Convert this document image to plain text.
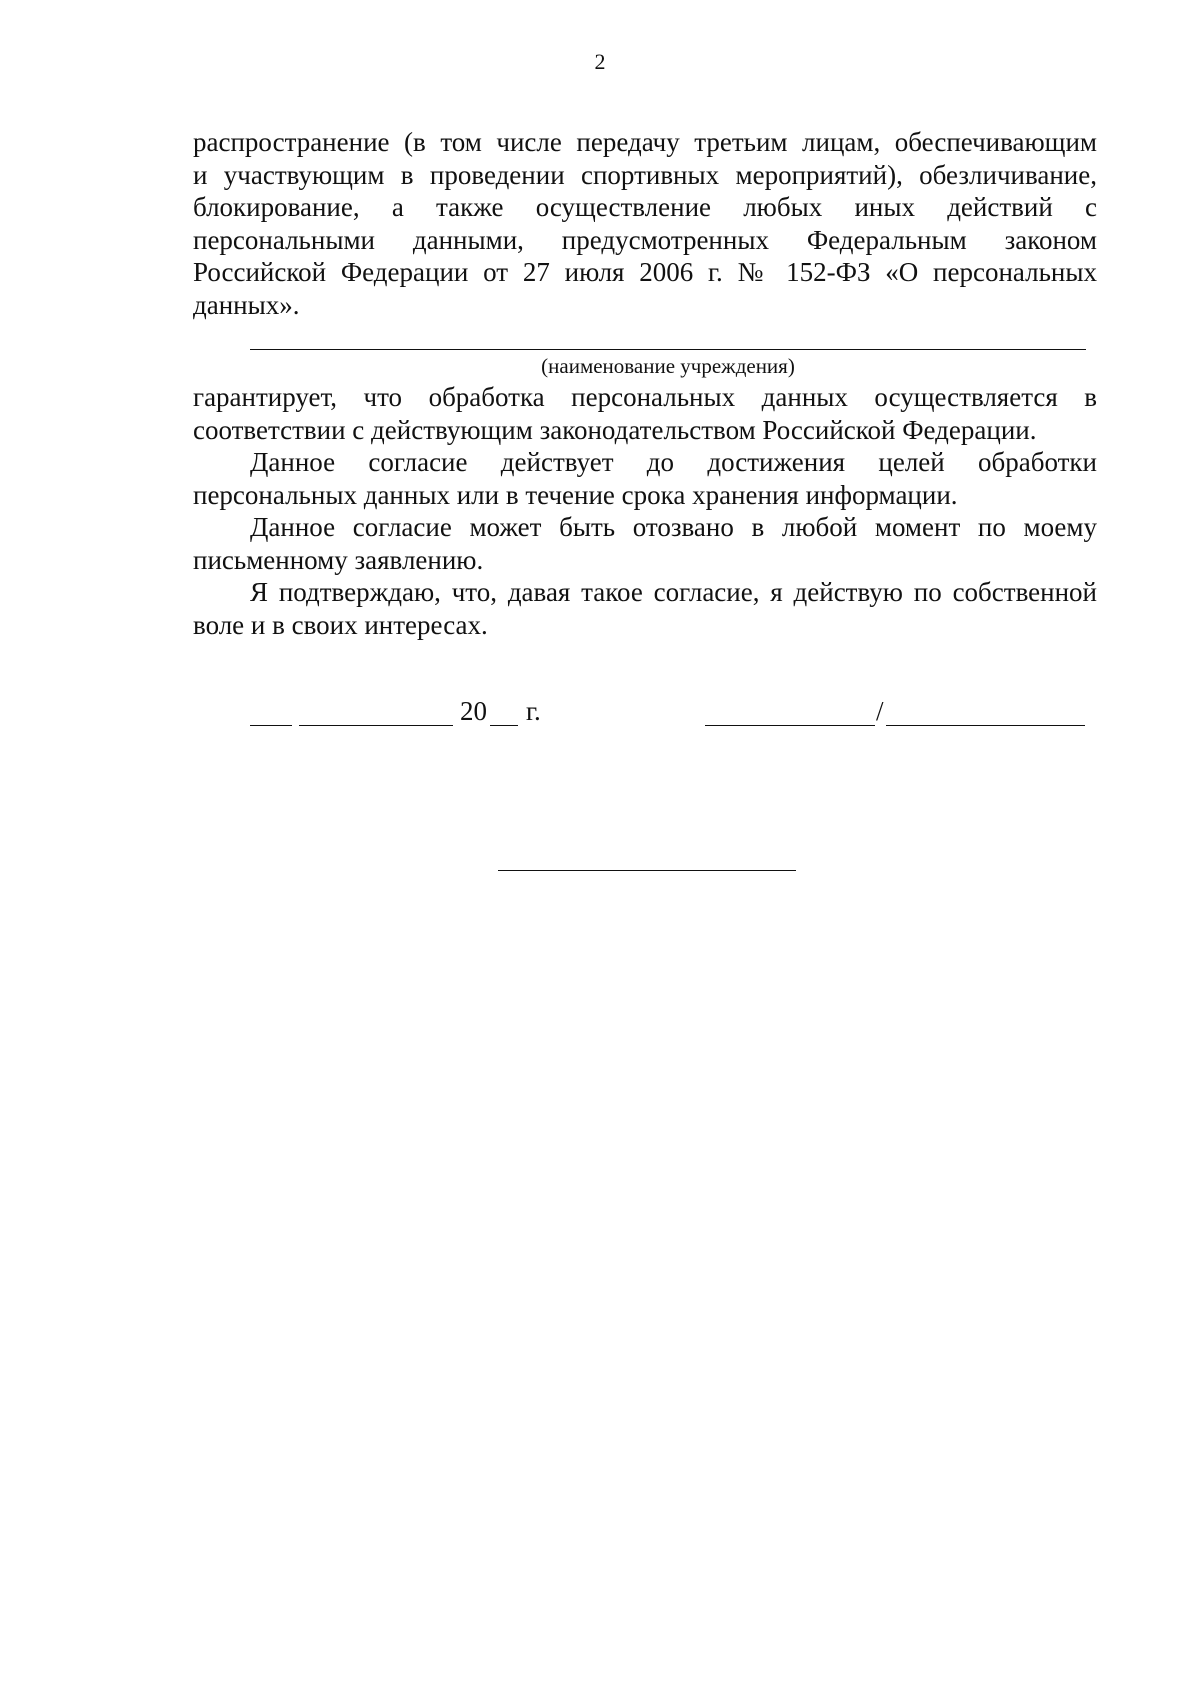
2

распространение (в том числе передачу третьим лицам, обеспечивающим
и участвующим в проведении спортивных мероприятий), обезличивание,
блокирование, а также осуществление любых иных действий с
персональными данными, предусмотренных Федеральным законом
Российской Федерации от 27 июля 2006 г. № 152-ФЗ «О персональных
данных».

(наименование учреждения)

гарантирует, что обработка персональных данных осуществляется в
соответствии с действующим законодательством Российской Федерации.

Данное согласие действует до достижения целей обработки
персональных данных или в течение срока хранения информации.

Данное согласие может быть отозвано в любой момент по моему
письменному заявлению.

Я подтверждаю, что, давая такое согласие, я действую по собственной
воле и в своих интересах.

20 г.	/
